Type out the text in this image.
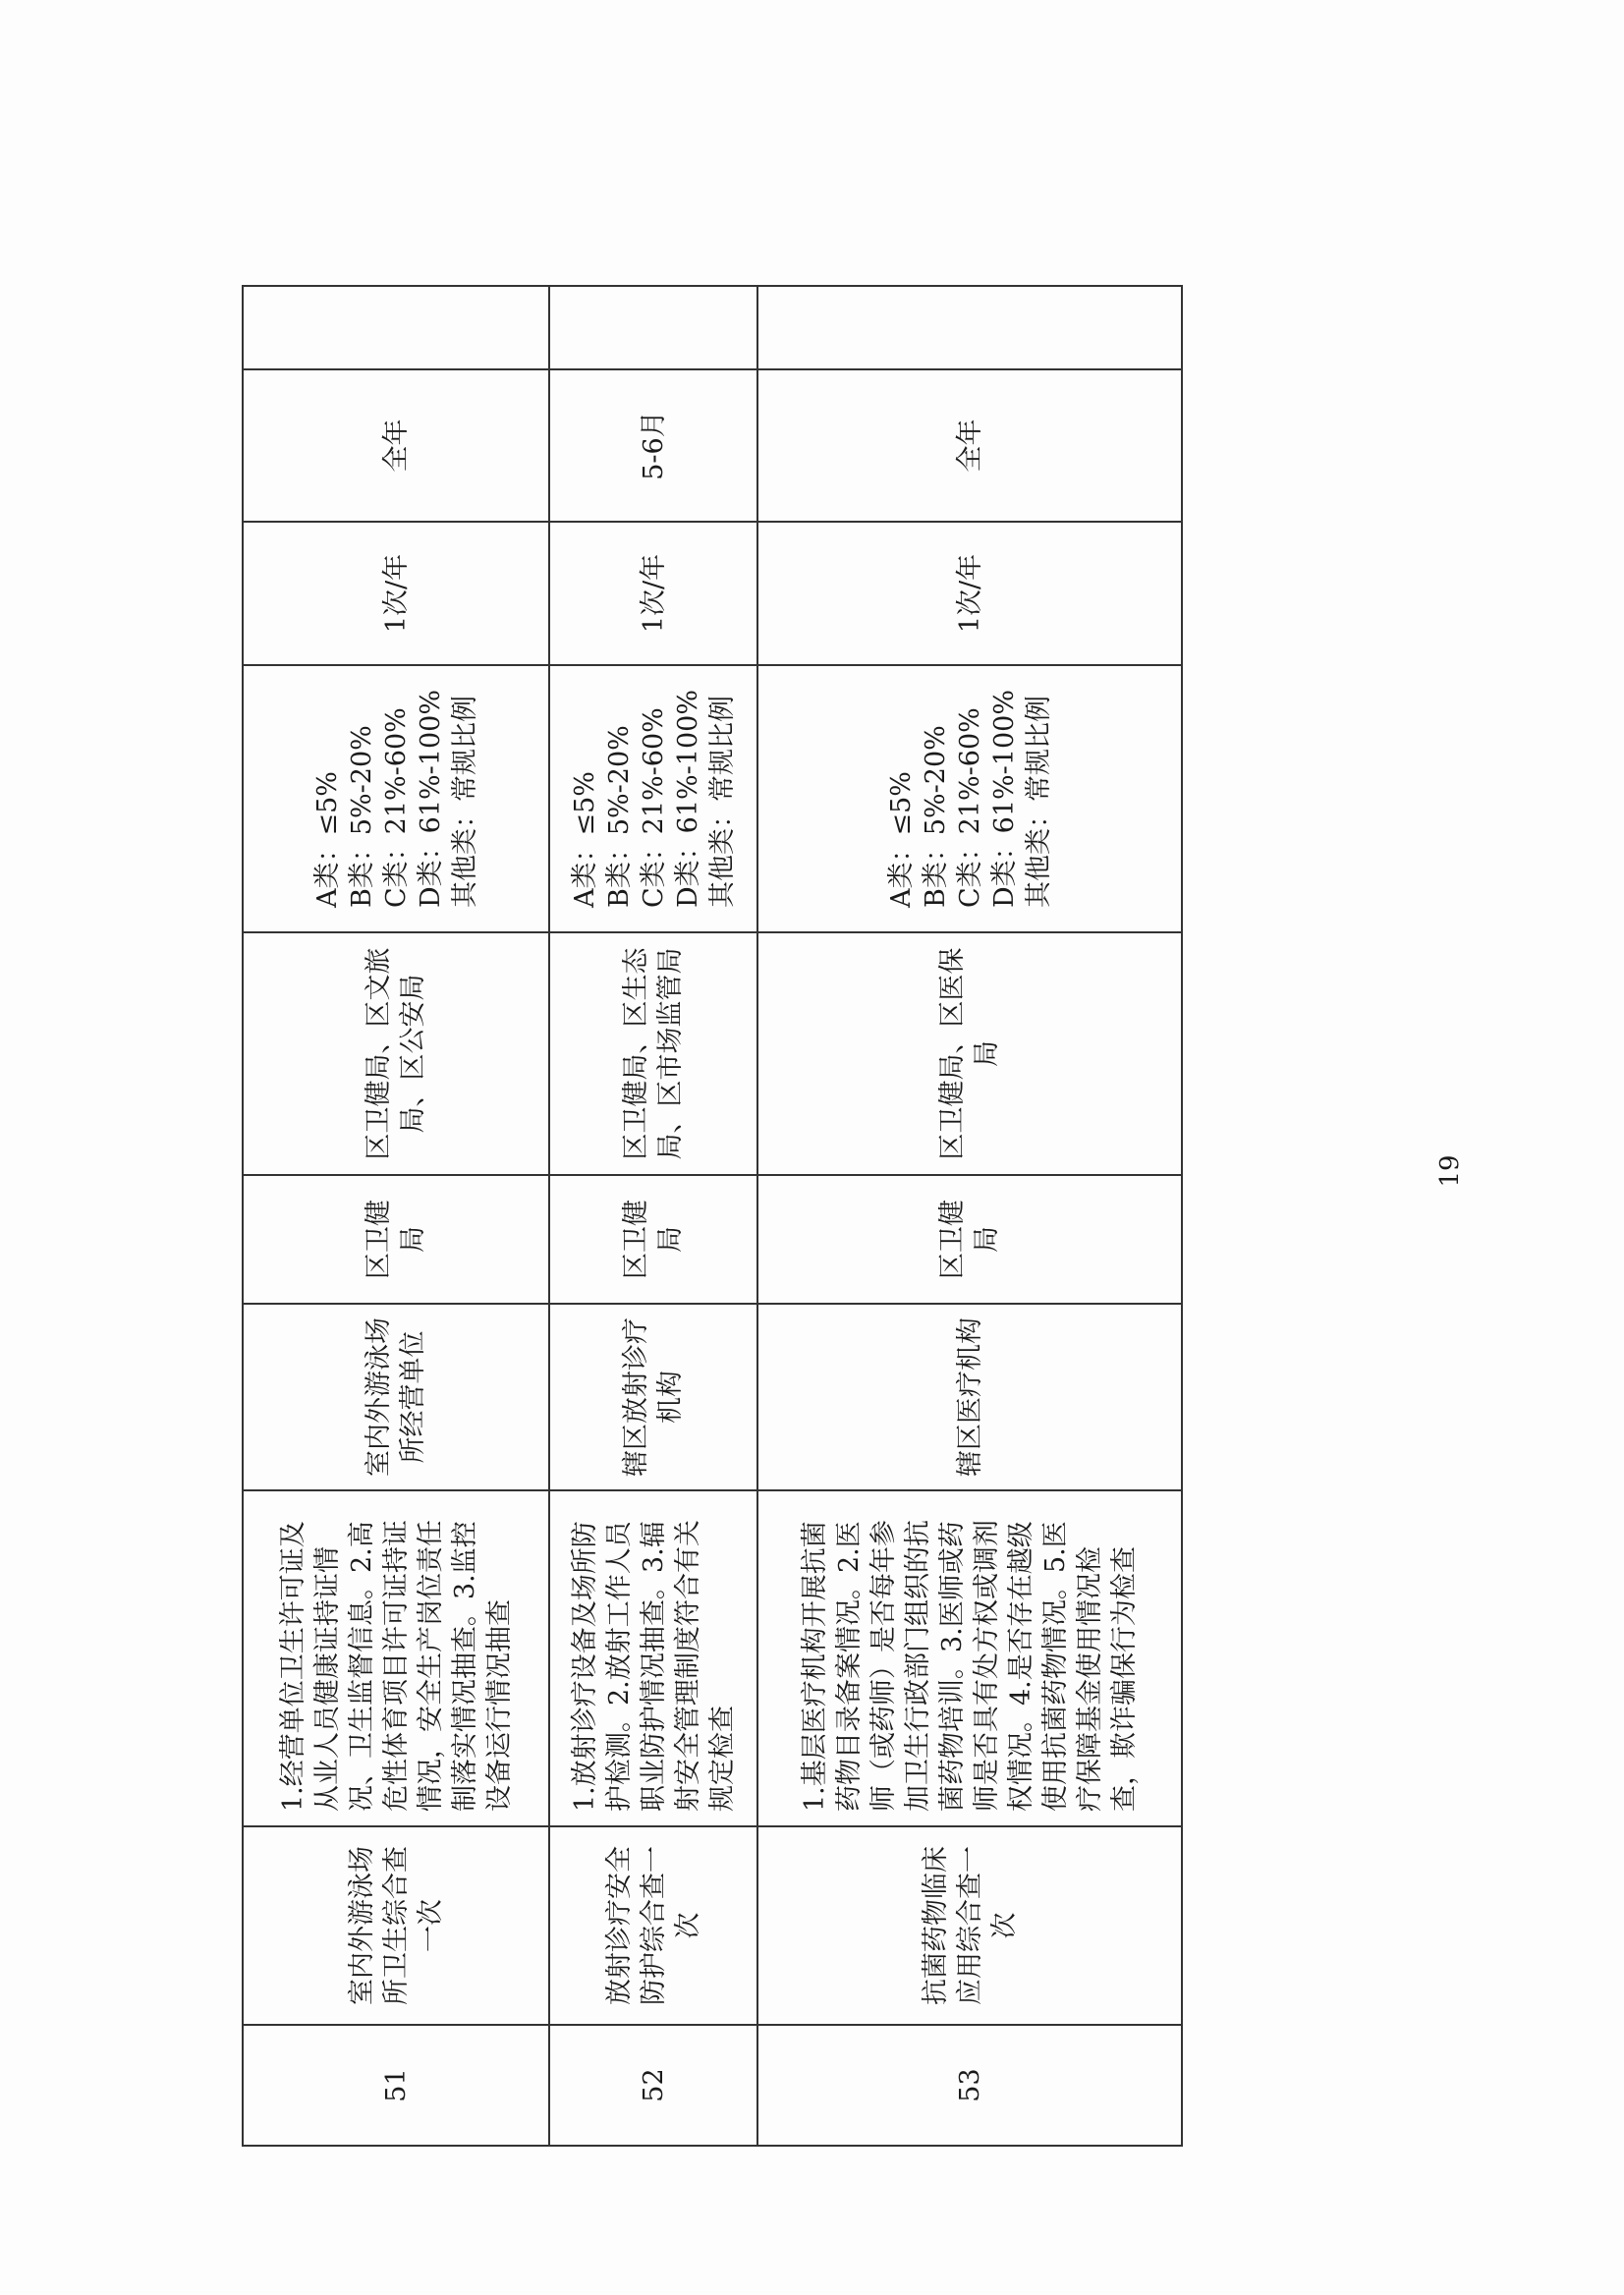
51	室内外游泳场所卫生综合查一次	1.经营单位卫生许可证及从业人员健康证持证情况、卫生监督信息。2.高危性体育项目许可证持证情况，安全生产岗位责任制落实情况抽查。3.监控设备运行情况抽查	室内外游泳场所经营单位	区卫健局	区卫健局、区文旅局、区公安局	A类：≤5% B类：5%-20% C类：21%-60% D类：61%-100% 其他类：常规比例	1次/年	全年	
52	放射诊疗安全防护综合查一次	1.放射诊疗设备及场所防护检测。2.放射工作人员职业防护情况抽查。3.辐射安全管理制度符合有关规定检查	辖区放射诊疗机构	区卫健局	区卫健局、区生态局、区市场监管局	A类：≤5% B类：5%-20% C类：21%-60% D类：61%-100% 其他类：常规比例	1次/年	5-6月	
53	抗菌药物临床应用综合查一次	1.基层医疗机构开展抗菌药物目录备案情况。2.医师（或药师）是否每年参加卫生行政部门组织的抗菌药物培训。3.医师或药师是否具有处方权或调剂权情况。4.是否存在越级使用抗菌药物情况。5.医疗保障基金使用情况检查，欺诈骗保行为检查	辖区医疗机构	区卫健局	区卫健局、区医保局	A类：≤5% B类：5%-20% C类：21%-60% D类：61%-100% 其他类：常规比例	1次/年	全年	
19
